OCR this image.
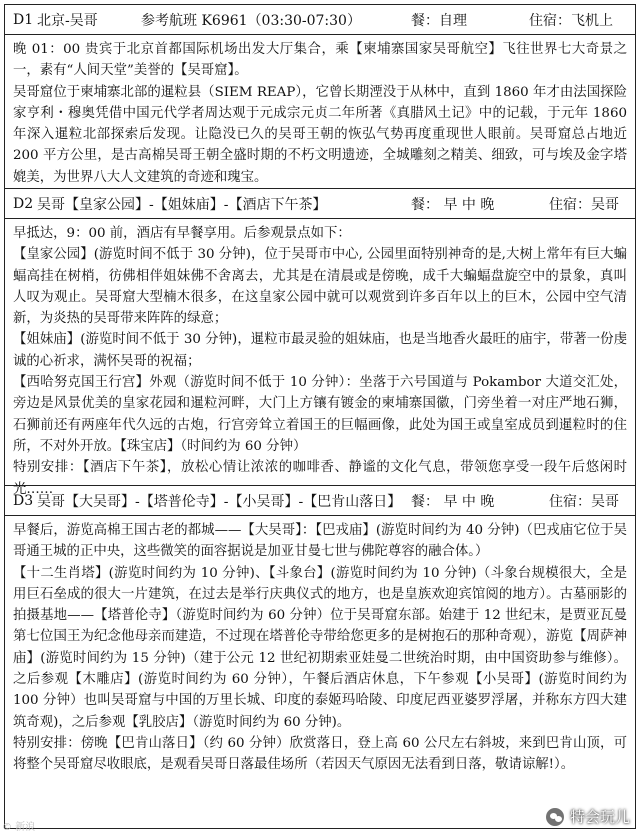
D1 北京-吴哥	参考航班 K6961（03:30-07:30）	餐：自理	住宿：飞机上

晚 01：00 贵宾于北京首都国际机场出发大厅集合，乘【柬埔寨国家吴哥航空】飞往世界七大奇景之一，素有“人间天堂”美誉的【吴哥窟】。

吴哥窟位于柬埔寨北部的暹粒县（SIEM REAP），它曾长期湮没于从林中，直到 1860 年才由法国探险家亨利・穆奥凭借中国元代学者周达观于元成宗元贞二年所著《真腊风土记》中的记载，于元年 1860 年深入暹粒北部探索后发现。让隐没已久的吴哥王朝的恢弘气势再度重现世人眼前。吴哥窟总占地近 200 平方公里，是古高棉吴哥王朝全盛时期的不朽文明遗迹，全城雕刻之精美、细致，可与埃及金字塔媲美，为世界八大人文建筑的奇迹和瑰宝。

D2 吴哥【皇家公园】-【姐妹庙】-【酒店下午茶】	餐： 早 中 晚	住宿：吴哥

早抵达，9：00 前，酒店有早餐享用。后参观景点如下：

【皇家公园】(游览时间不低于 30 分钟)，位于吴哥市中心, 公园里面特别神奇的是,大树上常年有巨大蝙蝠高挂在树梢，彷佛相伴姐妹佛不舍离去，尤其是在清晨或是傍晚，成千大蝙蝠盘旋空中的景象，真叫人叹为观止。吴哥窟大型楠木很多，在这皇家公园中就可以观赏到许多百年以上的巨木，公园中空气清新，为炎热的吴哥带来阵阵的绿意；

【姐妹庙】(游览时间不低于 30 分钟)，暹粒市最灵验的姐妹庙，也是当地香火最旺的庙宇，带著一份虔诚的心祈求，满怀吴哥的祝福；

【西哈努克国王行宫】外观（游览时间不低于 10 分钟）：坐落于六号国道与 Pokambor 大道交汇处，旁边是风景优美的皇家花园和暹粒河畔，大门上方镶有镀金的柬埔寨国徽，门旁坐着一对庄严地石狮，石狮前还有两座年代久远的古炮，行宫旁耸立着国王的巨幅画像，此处为国王或皇室成员到暹粒时的住所，不对外开放。【珠宝店】（时间约为 60 分钟）

特别安排：【酒店下午茶】，放松心情让浓浓的咖啡香、静谧的文化气息，带领您享受一段午后悠闲时光……

D3 吴哥【大吴哥】-【塔普伦寺】-【小吴哥】-【巴肯山落日】 餐： 早 中 晚	住宿：吴哥

早餐后，游览高棉王国古老的都城——【大吴哥】：【巴戎庙】(游览时间约为 40 分钟)（巴戎庙它位于吴哥通王城的正中央，这些微笑的面容据说是加亚甘曼七世与佛陀尊容的融合体。）

【十二生肖塔】(游览时间约为 10 分钟)、【斗象台】(游览时间约为 10 分钟)（斗象台规模很大，全是用巨石垒成的很大一片建筑，在过去是举行庆典仪式的地方，也是皇族欢迎宾馆阅的地方）。古墓丽影的拍摄基地——【塔普伦寺】（游览时间约为 60 分钟）位于吴哥窟东部。始建于 12 世纪末，是贾亚瓦曼第七位国王为纪念他母亲而建造，不过现在塔普伦寺带给您更多的是树抱石的那种奇观），游览【周萨神庙】(游览时间约为 15 分钟)（建于公元 12 世纪初期索亚娃曼二世统治时期，由中国资助参与维修）。之后参观【木雕店】(游览时间约为 60 分钟），午餐后酒店休息，下午参观【小吴哥】(游览时间约为 100 分钟）也叫吴哥窟与中国的万里长城、印度的泰姬玛哈陵、印度尼西亚婆罗浮屠，并称东方四大建筑奇观)，之后参观【乳胶店】（游览时间约为 60 分钟)。

特别安排：傍晚【巴肯山落日】（约 60 分钟）欣赏落日，登上高 60 公尺左右斜坡，来到巴肯山顶，可将整个吴哥窟尽收眼底，是观看吴哥日落最佳场所（若因天气原因无法看到日落，敬请谅解!）。

特会玩儿
© 新浪
